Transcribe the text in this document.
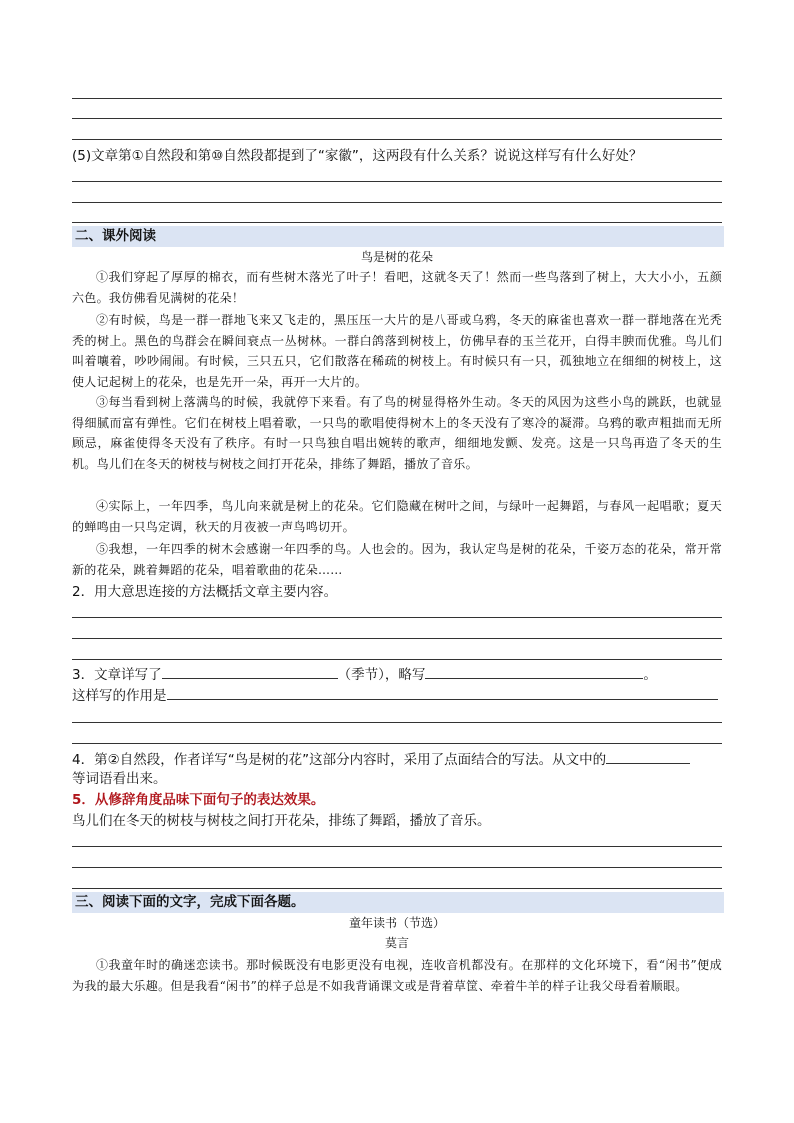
(5)文章第①自然段和第⑩自然段都提到了“家徽”，这两段有什么关系？说说这样写有什么好处？
二、课外阅读
鸟是树的花朵
①我们穿起了厚厚的棉衣，而有些树木落光了叶子！看吧，这就冬天了！然而一些鸟落到了树上，大大小小，五颜六色。我仿佛看见满树的花朵！
②有时候，鸟是一群一群地飞来又飞走的，黑压压一大片的是八哥或乌鸦，冬天的麻雀也喜欢一群一群地落在光秃秃的树上。黑色的鸟群会在瞬间衰点一丛树林。一群白鸽落到树枝上，仿佛早春的玉兰花开，白得丰腴而优雅。鸟儿们叫着嚷着，吵吵闹闹。有时候，三只五只，它们散落在稀疏的树枝上。有时候只有一只，孤独地立在细细的树枝上，这使人记起树上的花朵，也是先开一朵，再开一大片的。
③每当看到树上落满鸟的时候，我就停下来看。有了鸟的树显得格外生动。冬天的风因为这些小鸟的跳跃，也就显得细腻而富有弹性。它们在树枝上唱着歌，一只鸟的歌唱使得树木上的冬天没有了寒冷的凝滞。乌鸦的歌声粗拙而无所顾忌，麻雀使得冬天没有了秩序。有时一只鸟独自唱出婉转的歌声，细细地发颤、发亮。这是一只鸟再造了冬天的生机。鸟儿们在冬天的树枝与树枝之间打开花朵，排练了舞蹈，播放了音乐。
④实际上，一年四季，鸟儿向来就是树上的花朵。它们隐藏在树叶之间，与绿叶一起舞蹈，与春风一起唱歌；夏天的蝉鸣由一只鸟定调，秋天的月夜被一声鸟鸣切开。
⑤我想，一年四季的树木会感谢一年四季的鸟。人也会的。因为，我认定鸟是树的花朵，千姿万态的花朵，常开常新的花朵，跳着舞蹈的花朵，唱着歌曲的花朵……
2．用大意思连接的方法概括文章主要内容。
3．文章详写了	（季节），略写	。
这样写的作用是
4．第②自然段，作者详写“鸟是树的花”这部分内容时，采用了点面结合的写法。从文中的
等词语看出来。
5．从修辞角度品味下面句子的表达效果。
鸟儿们在冬天的树枝与树枝之间打开花朵，排练了舞蹈，播放了音乐。
三、阅读下面的文字，完成下面各题。
童年读书（节选）
莫言
①我童年时的确迷恋读书。那时候既没有电影更没有电视，连收音机都没有。在那样的文化环境下，看“闲书”便成为我的最大乐趣。但是我看“闲书”的样子总是不如我背诵课文或是背着草筐、牵着牛羊的样子让我父母看着顺眼。
